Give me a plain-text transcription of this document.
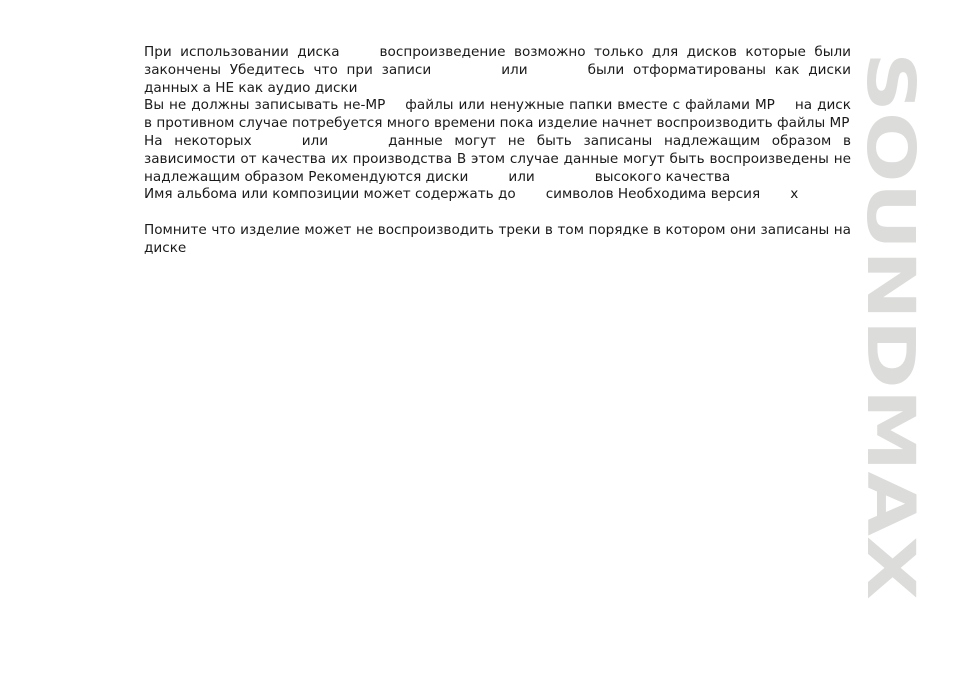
При использовании диска	воспроизведение возможно только для дисков которые были закончены Убедитесь что при записи	или	были отформатированы как диски данных а НЕ как аудио диски

Вы не должны записывать не-МР файлы или ненужные папки вместе с файлами МР на диск в противном случае потребуется много времени пока изделие начнет воспроизводить файлы МР

На некоторых	или	данные могут не быть записаны надлежащим образом в зависимости от качества их производства В этом случае данные могут быть воспроизведены не надлежащим образом Рекомендуются диски	или	высокого качества

Имя альбома или композиции может содержать до символов Необходима версия х

Помните что изделие может не воспроизводить треки в том порядке в котором они записаны на диске	SOUNDMAX
